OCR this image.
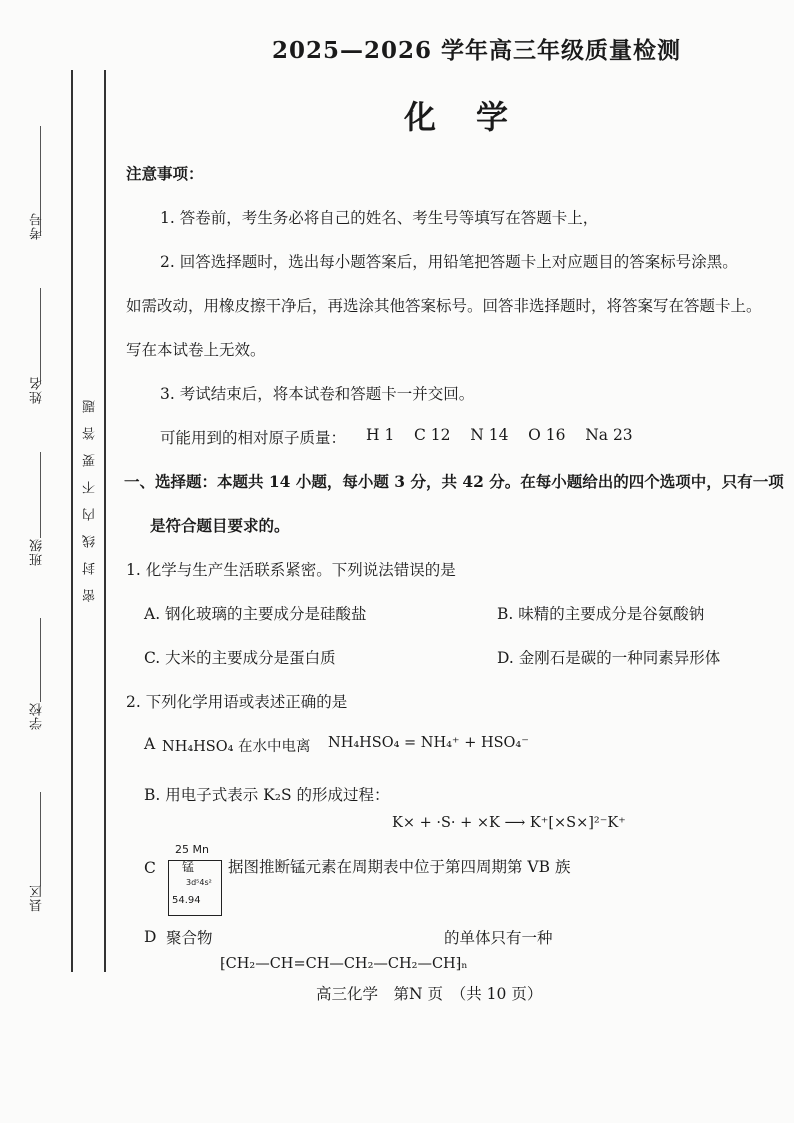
2025—2026 学年高三年级质量检测
化学
考号
姓名
班级
学校
县区
密封线内不要答题
注意事项：
1. 答卷前，考生务必将自己的姓名、考生号等填写在答题卡上，
2. 回答选择题时，选出每小题答案后，用铅笔把答题卡上对应题目的答案标号涂黑。
如需改动，用橡皮擦干净后，再选涂其他答案标号。回答非选择题时，将答案写在答题卡上。
写在本试卷上无效。
3. 考试结束后，将本试卷和答题卡一并交回。
可能用到的相对原子质量： H 1    C 12    N 14    O 16    Na 23
一、选择题：本题共 14 小题，每小题 3 分，共 42 分。在每小题给出的四个选项中，只有一项
是符合题目要求的。
1. 化学与生产生活联系紧密。下列说法错误的是
A. 钢化玻璃的主要成分是硅酸盐	B. 味精的主要成分是谷氨酸钠
C. 大米的主要成分是蛋白质	D. 金刚石是碳的一种同素异形体
2. 下列化学用语或表述正确的是
A NH₄HSO₄ 在水中电离 NH₄HSO₄ = NH₄⁺ + HSO₄⁻
B. 用电子式表示 K₂S 的形成过程：
K⨯ + ·S· + ⨯K ⟶ K⁺[⨯S⨯]²⁻K⁺
C
25 Mn
锰
3d⁵4s²
54.94
据图推断锰元素在周期表中位于第四周期第 VB 族
D 聚合物	的单体只有一种
⁅CH₂—CH=CH—CH₂—CH₂—CH⁆ₙ
高三化学　第N 页　（共 10 页）
